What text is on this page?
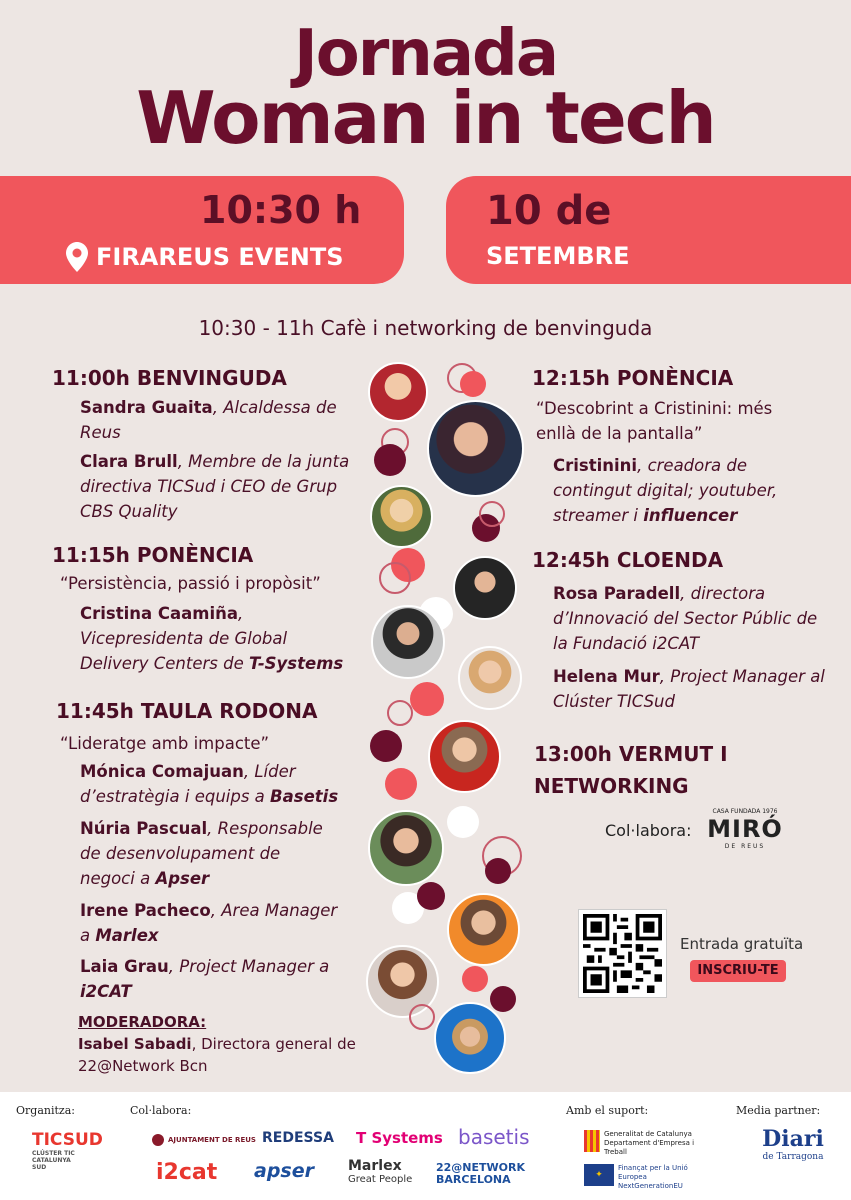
Jornada
Woman in tech
10:30 h
FIRAREUS EVENTS
10 de
SETEMBRE
10:30 - 11h Cafè i networking de benvinguda
11:00h BENVINGUDA
Sandra Guaita, Alcaldessa de Reus
Clara Brull, Membre de la junta directiva TICSud i CEO de Grup CBS Quality
11:15h PONÈNCIA
“Persistència, passió i propòsit”
Cristina Caamiña, Vicepresidenta de Global Delivery Centers de T-Systems
11:45h TAULA RODONA
“Lideratge amb impacte”
Mónica Comajuan, Líder d’estratègia i equips a Basetis
Núria Pascual, Responsable de desenvolupament de negoci a Apser
Irene Pacheco, Area Manager a Marlex
Laia Grau, Project Manager a i2CAT
MODERADORA:
Isabel Sabadi, Directora general de 22@Network Bcn
12:15h PONÈNCIA
“Descobrint a Cristinini: més enllà de la pantalla”
Cristinini, creadora de contingut digital; youtuber, streamer i influencer
12:45h CLOENDA
Rosa Paradell, directora d’Innovació del Sector Públic de la Fundació i2CAT
Helena Mur, Project Manager al Clúster TICSud
13:00h VERMUT I
NETWORKING
Col·labora:
CASA FUNDADA 1976
MIRÓ
DE REUS
Entrada gratuïta
INSCRIU-TE
Organitza:	Col·labora:	Amb el suport:	Media partner:
TICSUD
CLÚSTER TIC CATALUNYA SUD
AJUNTAMENT DE REUS REDESSA T Systems basetis
i2cat apser Marlex
Great People
22@NETWORK BARCELONA
Generalitat de Catalunya Departament d'Empresa i Treball
✦
Finançat per la Unió Europea NextGenerationEU
Diari
de Tarragona
